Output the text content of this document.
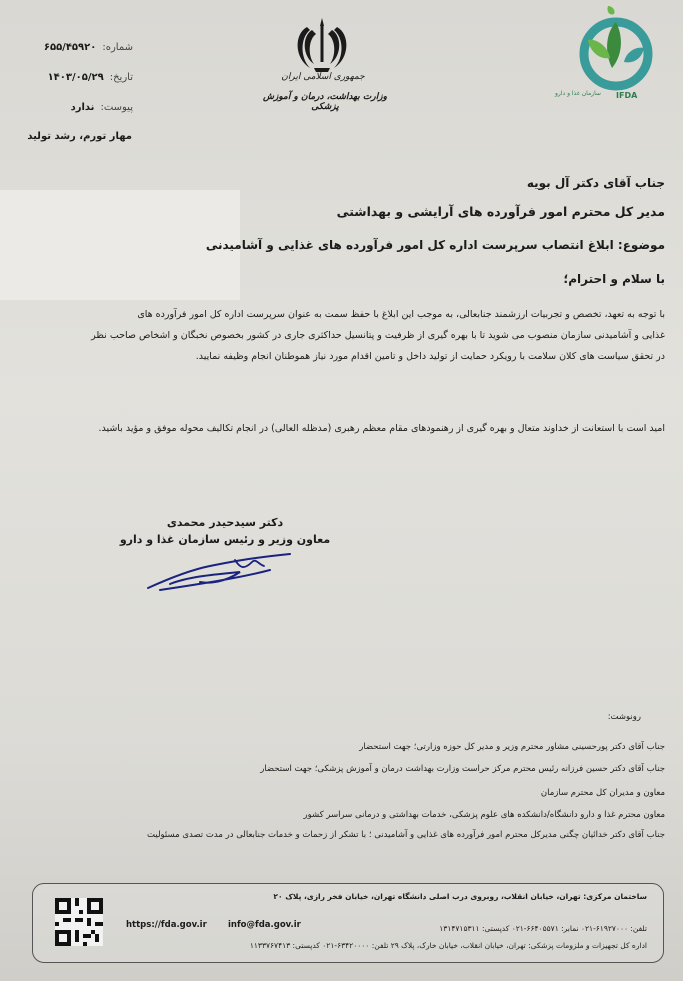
شماره:
۶۵۵/۴۵۹۲۰
تاریخ:
۱۴۰۳/۰۵/۲۹
پیوست:
ندارد
مهار تورم، رشد تولید
جمهوری اسلامی ایران
وزارت بهداشت، درمان و آموزش پزشکی
سازمان غذا و دارو	IFDA
جناب آقای دکتر آل بویه
مدیر کل محترم امور فرآورده های آرایشی و بهداشتی
موضوع: ابلاغ انتصاب سرپرست اداره کل امور فرآورده های غذایی و آشامیدنی
با سلام و احترام؛
با توجه به تعهد، تخصص و تجربیات ارزشمند جنابعالی، به موجب این ابلاغ با حفظ سمت به عنوان سرپرست اداره کل امور فرآورده های
غذایی و آشامیدنی سازمان منصوب می شوید تا با بهره گیری از ظرفیت و پتانسیل حداکثری جاری در کشور بخصوص نخبگان و اشخاص صاحب نظر
در تحقق سیاست های کلان سلامت با رویکرد حمایت از تولید داخل و تامین اقدام مورد نیاز هموطنان انجام وظیفه نمایید.
امید است با استعانت از خداوند متعال و بهره گیری از رهنمودهای مقام معظم رهبری (مدظله العالی) در انجام تکالیف محوله موفق و مؤید باشید.
دکتر سیدحیدر محمدی
معاون وزیر و رئیس سازمان غذا و دارو
رونوشت:
جناب آقای دکتر پورحسینی مشاور محترم وزیر و مدیر کل حوزه وزارتی؛ جهت استحضار
جناب آقای دکتر حسین فرزانه رئیس محترم مرکز حراست وزارت بهداشت درمان و آموزش پزشکی؛ جهت استحضار
معاون و مدیران کل محترم سازمان
معاون محترم غذا و دارو دانشگاه/دانشکده های علوم پزشکی، خدمات بهداشتی و درمانی سراسر کشور
جناب آقای دکتر خدائیان چگنی مدیرکل محترم امور فرآورده های غذایی و آشامیدنی ؛ با تشکر از زحمات و خدمات جنابعالی در مدت تصدی مسئولیت
ساختمان مرکزی: تهران، خیابان انقلاب، روبروی درب اصلی دانشگاه تهران، خیابان فخر رازی، پلاک ۲۰
تلفن: ۶۱۹۲۷۰۰۰-۰۲۱ نمابر: ۶۶۴۰۵۵۷۱-۰۲۱ کدپستی: ۱۳۱۴۷۱۵۳۱۱
اداره کل تجهیزات و ملزومات پزشکی: تهران، خیابان انقلاب، خیابان خارک، پلاک ۲۹ تلفن: ۶۳۴۲۰۰۰۰-۰۲۱ کدپستی: ۱۱۳۳۷۶۷۴۱۳
https://fda.gov.ir info@fda.gov.ir
